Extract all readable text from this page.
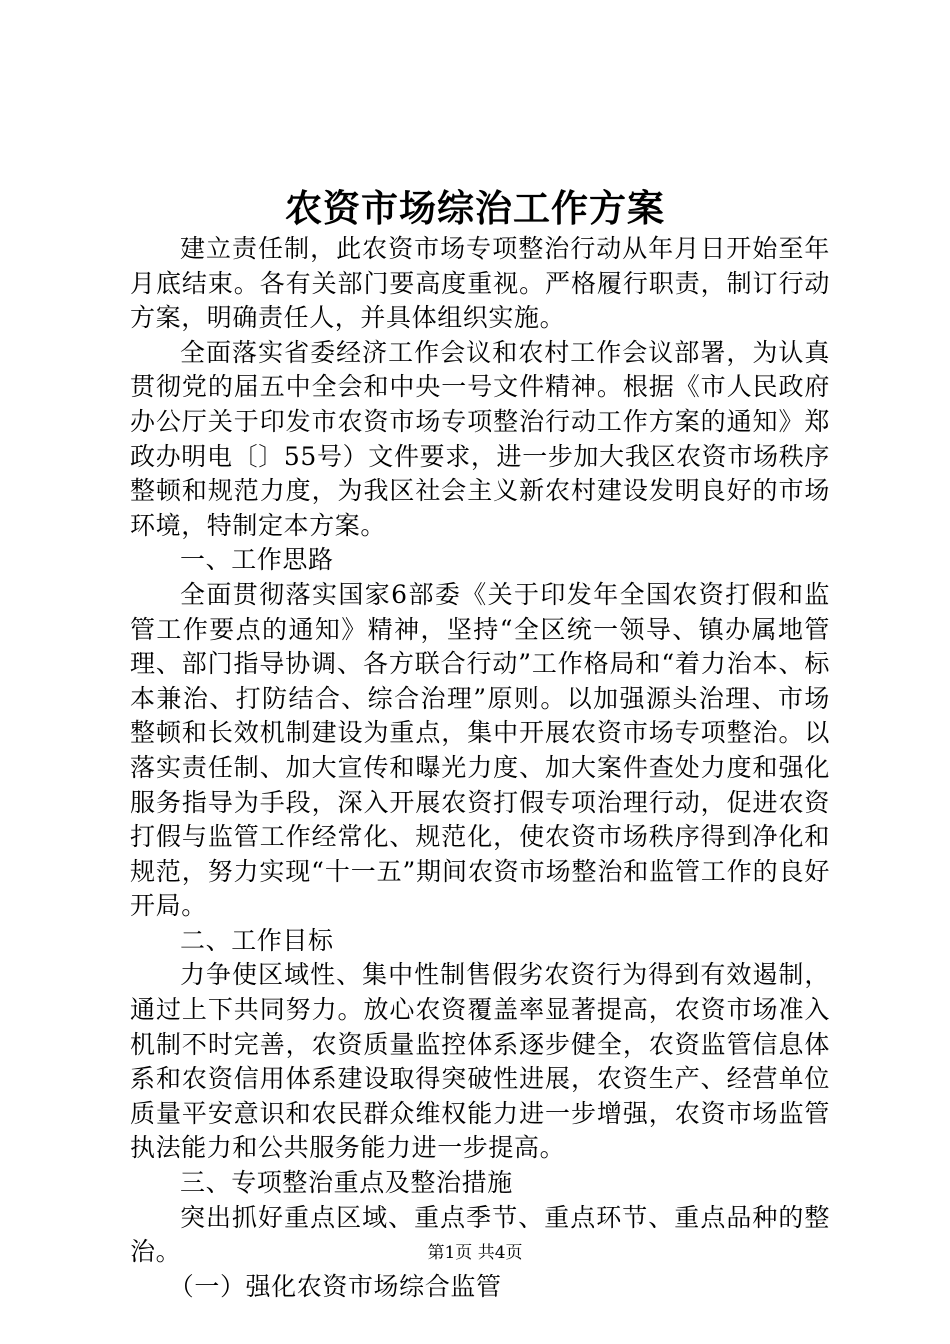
农资市场综治工作方案

建立责任制，此农资市场专项整治行动从年月日开始至年月底结束。各有关部门要高度重视。严格履行职责，制订行动方案，明确责任人，并具体组织实施。

全面落实省委经济工作会议和农村工作会议部署，为认真贯彻党的届五中全会和中央一号文件精神。根据《市人民政府办公厅关于印发市农资市场专项整治行动工作方案的通知》郑政办明电〔〕55号）文件要求，进一步加大我区农资市场秩序整顿和规范力度，为我区社会主义新农村建设发明良好的市场环境，特制定本方案。

一、工作思路

全面贯彻落实国家6部委《关于印发年全国农资打假和监管工作要点的通知》精神，坚持“全区统一领导、镇办属地管理、部门指导协调、各方联合行动”工作格局和“着力治本、标本兼治、打防结合、综合治理”原则。以加强源头治理、市场整顿和长效机制建设为重点，集中开展农资市场专项整治。以落实责任制、加大宣传和曝光力度、加大案件查处力度和强化服务指导为手段，深入开展农资打假专项治理行动，促进农资打假与监管工作经常化、规范化，使农资市场秩序得到净化和规范，努力实现“十一五”期间农资市场整治和监管工作的良好开局。

二、工作目标

力争使区域性、集中性制售假劣农资行为得到有效遏制，通过上下共同努力。放心农资覆盖率显著提高，农资市场准入机制不时完善，农资质量监控体系逐步健全，农资监管信息体系和农资信用体系建设取得突破性进展，农资生产、经营单位质量平安意识和农民群众维权能力进一步增强，农资市场监管执法能力和公共服务能力进一步提高。

三、专项整治重点及整治措施

突出抓好重点区域、重点季节、重点环节、重点品种的整治。

（一）强化农资市场综合监管

第1页 共4页
